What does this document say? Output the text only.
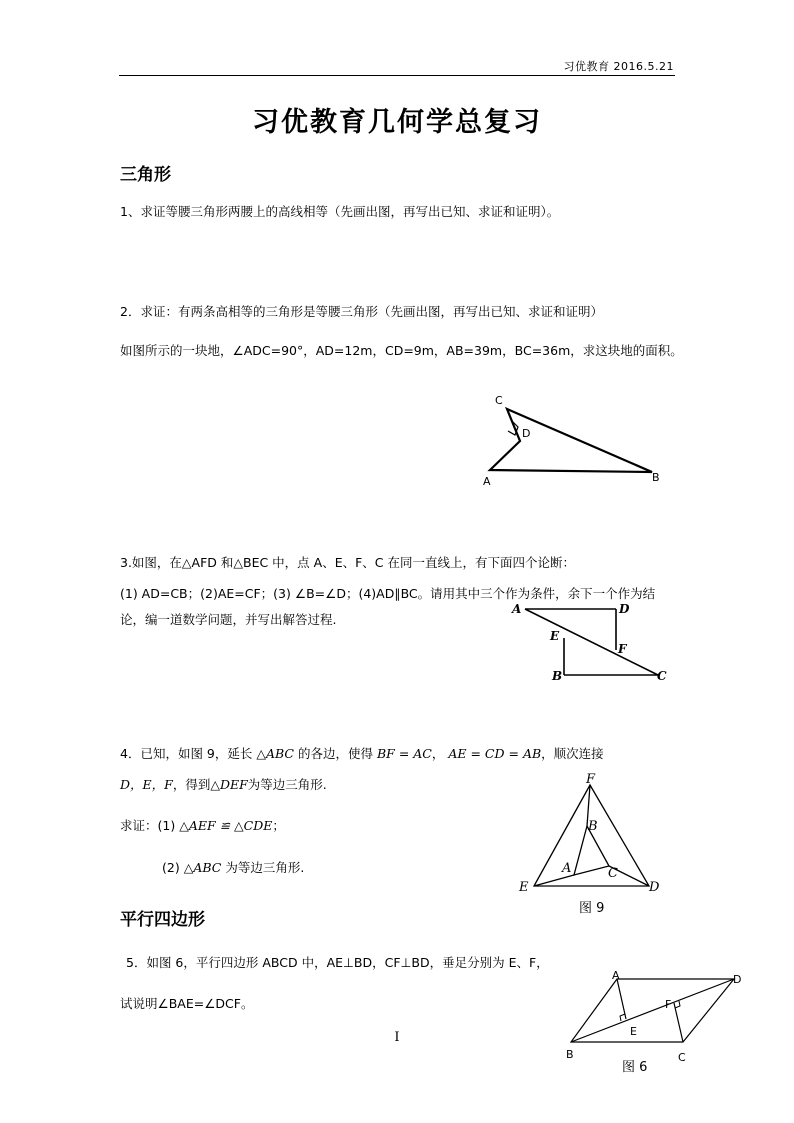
习优教育 2016.5.21
习优教育几何学总复习
三角形
1、求证等腰三角形两腰上的高线相等（先画出图，再写出已知、求证和证明）。
2．求证：有两条高相等的三角形是等腰三角形（先画出图，再写出已知、求证和证明）
如图所示的一块地，∠ADC=90°，AD=12m，CD=9m，AB=39m，BC=36m，求这块地的面积。
C
D
A	B
3.如图，在△AFD 和△BEC 中，点 A、E、F、C 在同一直线上，有下面四个论断：
(1) AD=CB；(2)AE=CF；(3) ∠B=∠D；(4)AD∥BC。请用其中三个作为条件，余下一个作为结
论，编一道数学问题，并写出解答过程.
A	D
E
F
B	C
4．已知，如图 9，延长 △ABC 的各边，使得 BF = AC， AE = CD = AB，顺次连接
D，E，F，得到△DEF为等边三角形.
求证：(1) △AEF ≌ △CDE；
(2) △ABC 为等边三角形.
F
B
A	C
E	D
图 9
平行四边形
5．如图 6，平行四边形 ABCD 中，AE⊥BD，CF⊥BD，垂足分别为 E、F，
试说明∠BAE=∠DCF。
A	D
F
E
B	C
图 6
I
